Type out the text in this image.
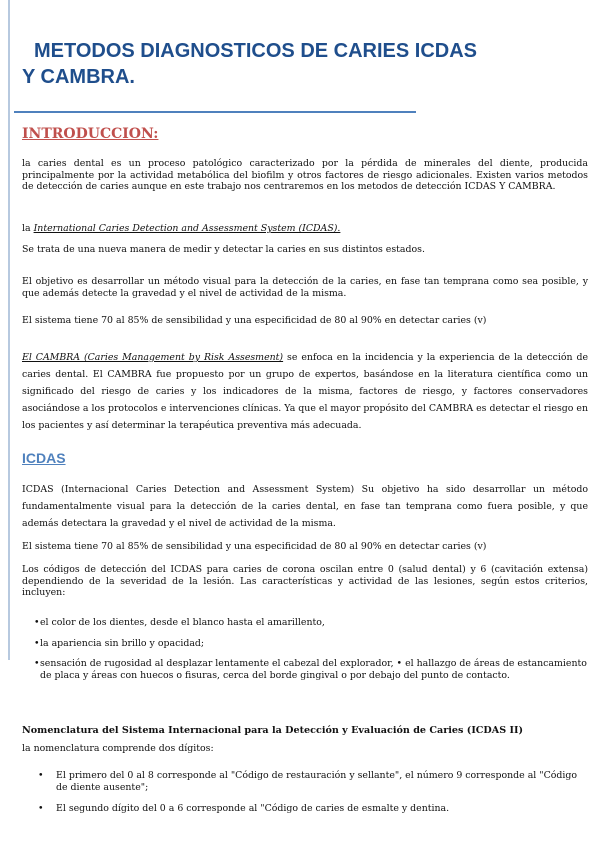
METODOS DIAGNOSTICOS DE CARIES ICDAS
Y CAMBRA.
INTRODUCCION:

la caries dental es un proceso patológico caracterizado por la pérdida de minerales del diente, producida principalmente por la actividad metabólica del biofilm y otros factores de riesgo adicionales. Existen varios metodos de detección de caries aunque en este trabajo nos centraremos en los metodos de detección ICDAS Y CAMBRA.

la International Caries Detection and Assessment System (ICDAS).

Se trata de una nueva manera de medir y detectar la caries en sus distintos estados.

El objetivo es desarrollar un método visual para la detección de la caries, en fase tan temprana como sea posible, y que además detecte la gravedad y el nivel de actividad de la misma.

El sistema tiene 70 al 85% de sensibilidad y una especificidad de 80 al 90% en detectar caries (v)

El CAMBRA (Caries Management by Risk Assesment) se enfoca en la incidencia y la experiencia de la detección de caries dental. El CAMBRA fue propuesto por un grupo de expertos, basándose en la literatura científica como un significado del riesgo de caries y los indicadores de la misma, factores de riesgo, y factores conservadores asociándose a los protocolos e intervenciones clínicas. Ya que el mayor propósito del CAMBRA es detectar el riesgo en los pacientes y así determinar la terapéutica preventiva más adecuada.

ICDAS

ICDAS (Internacional Caries Detection and Assessment System) Su objetivo ha sido desarrollar un método fundamentalmente visual para la detección de la caries dental, en fase tan temprana como fuera posible, y que además detectara la gravedad y el nivel de actividad de la misma.

El sistema tiene 70 al 85% de sensibilidad y una especificidad de 80 al 90% en detectar caries (v)

Los códigos de detección del ICDAS para caries de corona oscilan entre 0 (salud dental) y 6 (cavitación extensa) dependiendo de la severidad de la lesión. Las características y actividad de las lesiones, según estos criterios, incluyen:

• el color de los dientes, desde el blanco hasta el amarillento,
• la apariencia sin brillo y opacidad;
• sensación de rugosidad al desplazar lentamente el cabezal del explorador, • el hallazgo de áreas de estancamiento de placa y áreas con huecos o fisuras, cerca del borde gingival o por debajo del punto de contacto.
Nomenclatura del Sistema Internacional para la Detección y Evaluación de Caries (ICDAS II)

la nomenclatura comprende dos dígitos:

• El primero del 0 al 8 corresponde al "Código de restauración y sellante", el número 9 corresponde al "Código de diente ausente";
• El segundo dígito del 0 a 6 corresponde al "Código de caries de esmalte y dentina.
